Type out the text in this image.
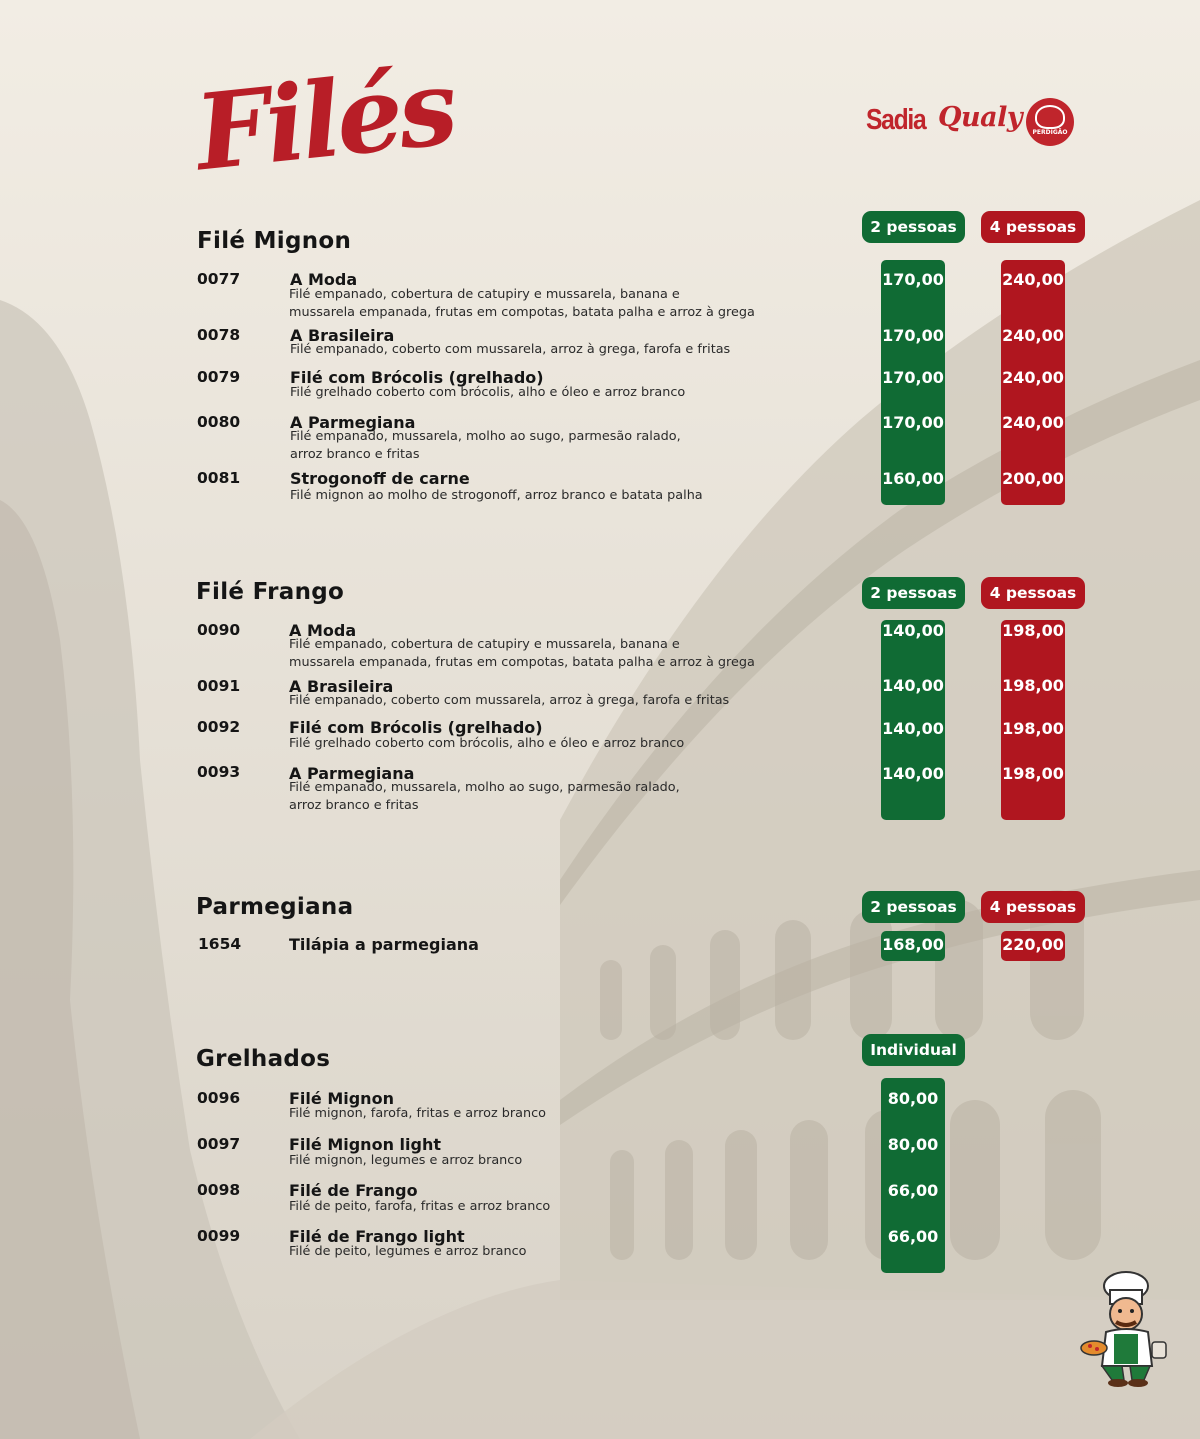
Filés	Sadia Qualy	PERDIGÃO
Filé Mignon
2 pessoas	4 pessoas
0077	A Moda
Filé empanado, cobertura de catupiry e mussarela, banana e
mussarela empanada, frutas em compotas, batata palha e arroz à grega
170,00	240,00
0078	A Brasileira
Filé empanado, coberto com mussarela, arroz à grega, farofa e fritas
170,00	240,00
0079	Filé com Brócolis (grelhado)
Filé grelhado coberto com brócolis, alho e óleo e arroz branco
170,00	240,00
0080	A Parmegiana
Filé empanado, mussarela, molho ao sugo, parmesão ralado,
arroz branco e fritas
170,00	240,00
0081	Strogonoff de carne
Filé mignon ao molho de strogonoff, arroz branco e batata palha
160,00	200,00
Filé Frango	2 pessoas	4 pessoas
0090	A Moda
Filé empanado, cobertura de catupiry e mussarela, banana e
mussarela empanada, frutas em compotas, batata palha e arroz à grega
140,00	198,00
0091	A Brasileira
Filé empanado, coberto com mussarela, arroz à grega, farofa e fritas
140,00	198,00
0092	Filé com Brócolis (grelhado)
Filé grelhado coberto com brócolis, alho e óleo e arroz branco
140,00	198,00
0093	A Parmegiana
Filé empanado, mussarela, molho ao sugo, parmesão ralado,
arroz branco e fritas
140,00	198,00
Parmegiana	2 pessoas	4 pessoas
1654	Tilápia a parmegiana	168,00	220,00
Grelhados	Individual
0096	Filé Mignon
Filé mignon, farofa, fritas e arroz branco
80,00
0097	Filé Mignon light
Filé mignon, legumes e arroz branco
80,00
0098	Filé de Frango
Filé de peito, farofa, fritas e arroz branco
66,00
0099	Filé de Frango light
Filé de peito, legumes e arroz branco
66,00
